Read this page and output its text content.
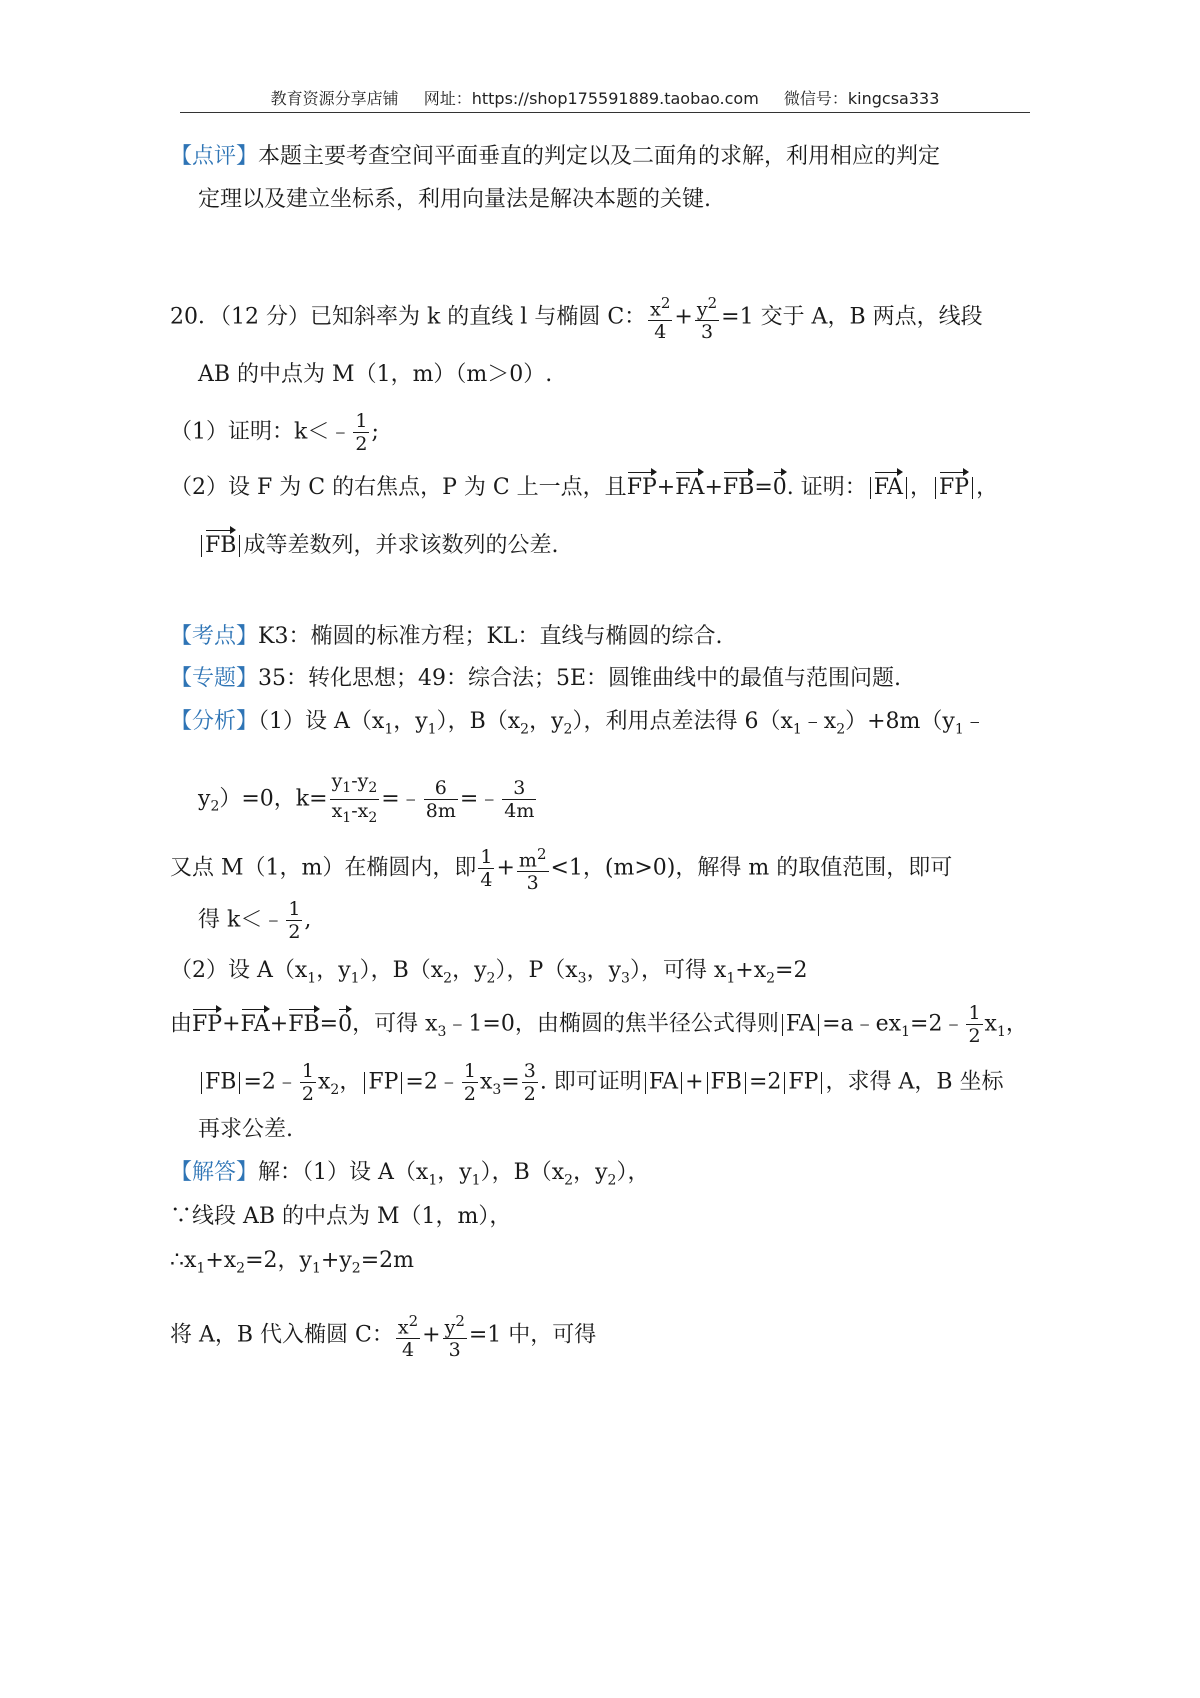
教育资源分享店铺 网址：https://shop175591889.taobao.com 微信号：kingcsa333
【点评】本题主要考查空间平面垂直的判定以及二面角的求解，利用相应的判定
定理以及建立坐标系，利用向量法是解决本题的关键.
20．（12 分）已知斜率为 k 的直线 l 与椭圆 C： $\frac{x^2}{4} + \frac{y^2}{3} =1$ 交于 A，B 两点，线段
AB 的中点为 M（1，m）（m＞0）.
（1）证明：k＜﹣ $\frac{1}{2}$ ;
（2）设 F 为 C 的右焦点，P 为 C 上一点，且FP+FA+FB=0. 证明： FA ， FP ，
FB 成等差数列，并求该数列的公差.
【考点】K3：椭圆的标准方程；KL：直线与椭圆的综合.
【专题】35：转化思想；49：综合法；5E：圆锥曲线中的最值与范围问题.
【分析】（1）设 $A(x_1$，$y_1$），$B(x_2$，$y_2$），利用点差法得 $6(x_1﹣x_2)+8m(y_1﹣$
$y_2)=0$，$k= \frac{y_1-y_2}{x_1-x_2}$ =﹣ $\frac{6}{8m}$ =﹣ $\frac{3}{4m}$
又点 M（1，m）在椭圆内，即 $\frac{1}{4} + \frac{m^2}{3} <1$，(m>0)，解得 m 的取值范围，即可
得 k＜﹣ $\frac{1}{2}$ ,
（2）设 $A(x_1$，$y_1$），$B(x_2$，$y_2$），$P(x_3$，$y_3$），可得 $x_1+x_2=2$
由FP+FA+FB=0，可得 $x_3﹣1=0$，由椭圆的焦半径公式得则 FA $=a﹣ex_1=2﹣ \frac{1}{2} x_1$，
FB =2﹣ $\frac{1}{2} x_2$， FP =2﹣ $\frac{1}{2} x_3= \frac{3}{2}$ . 即可证明 FA + FB =2 FP ，求得 A，B 坐标
再求公差.
【解答】解：（1）设 $A(x_1$，$y_1$），$B(x_2$，$y_2$），
∵线段 AB 的中点为 M（1，m），
$\therefore x_1+x_2=2$，$y_1+y_2=2m$
将 A，B 代入椭圆 C： $\frac{x^2}{4} + \frac{y^2}{3} =1$ 中，可得
